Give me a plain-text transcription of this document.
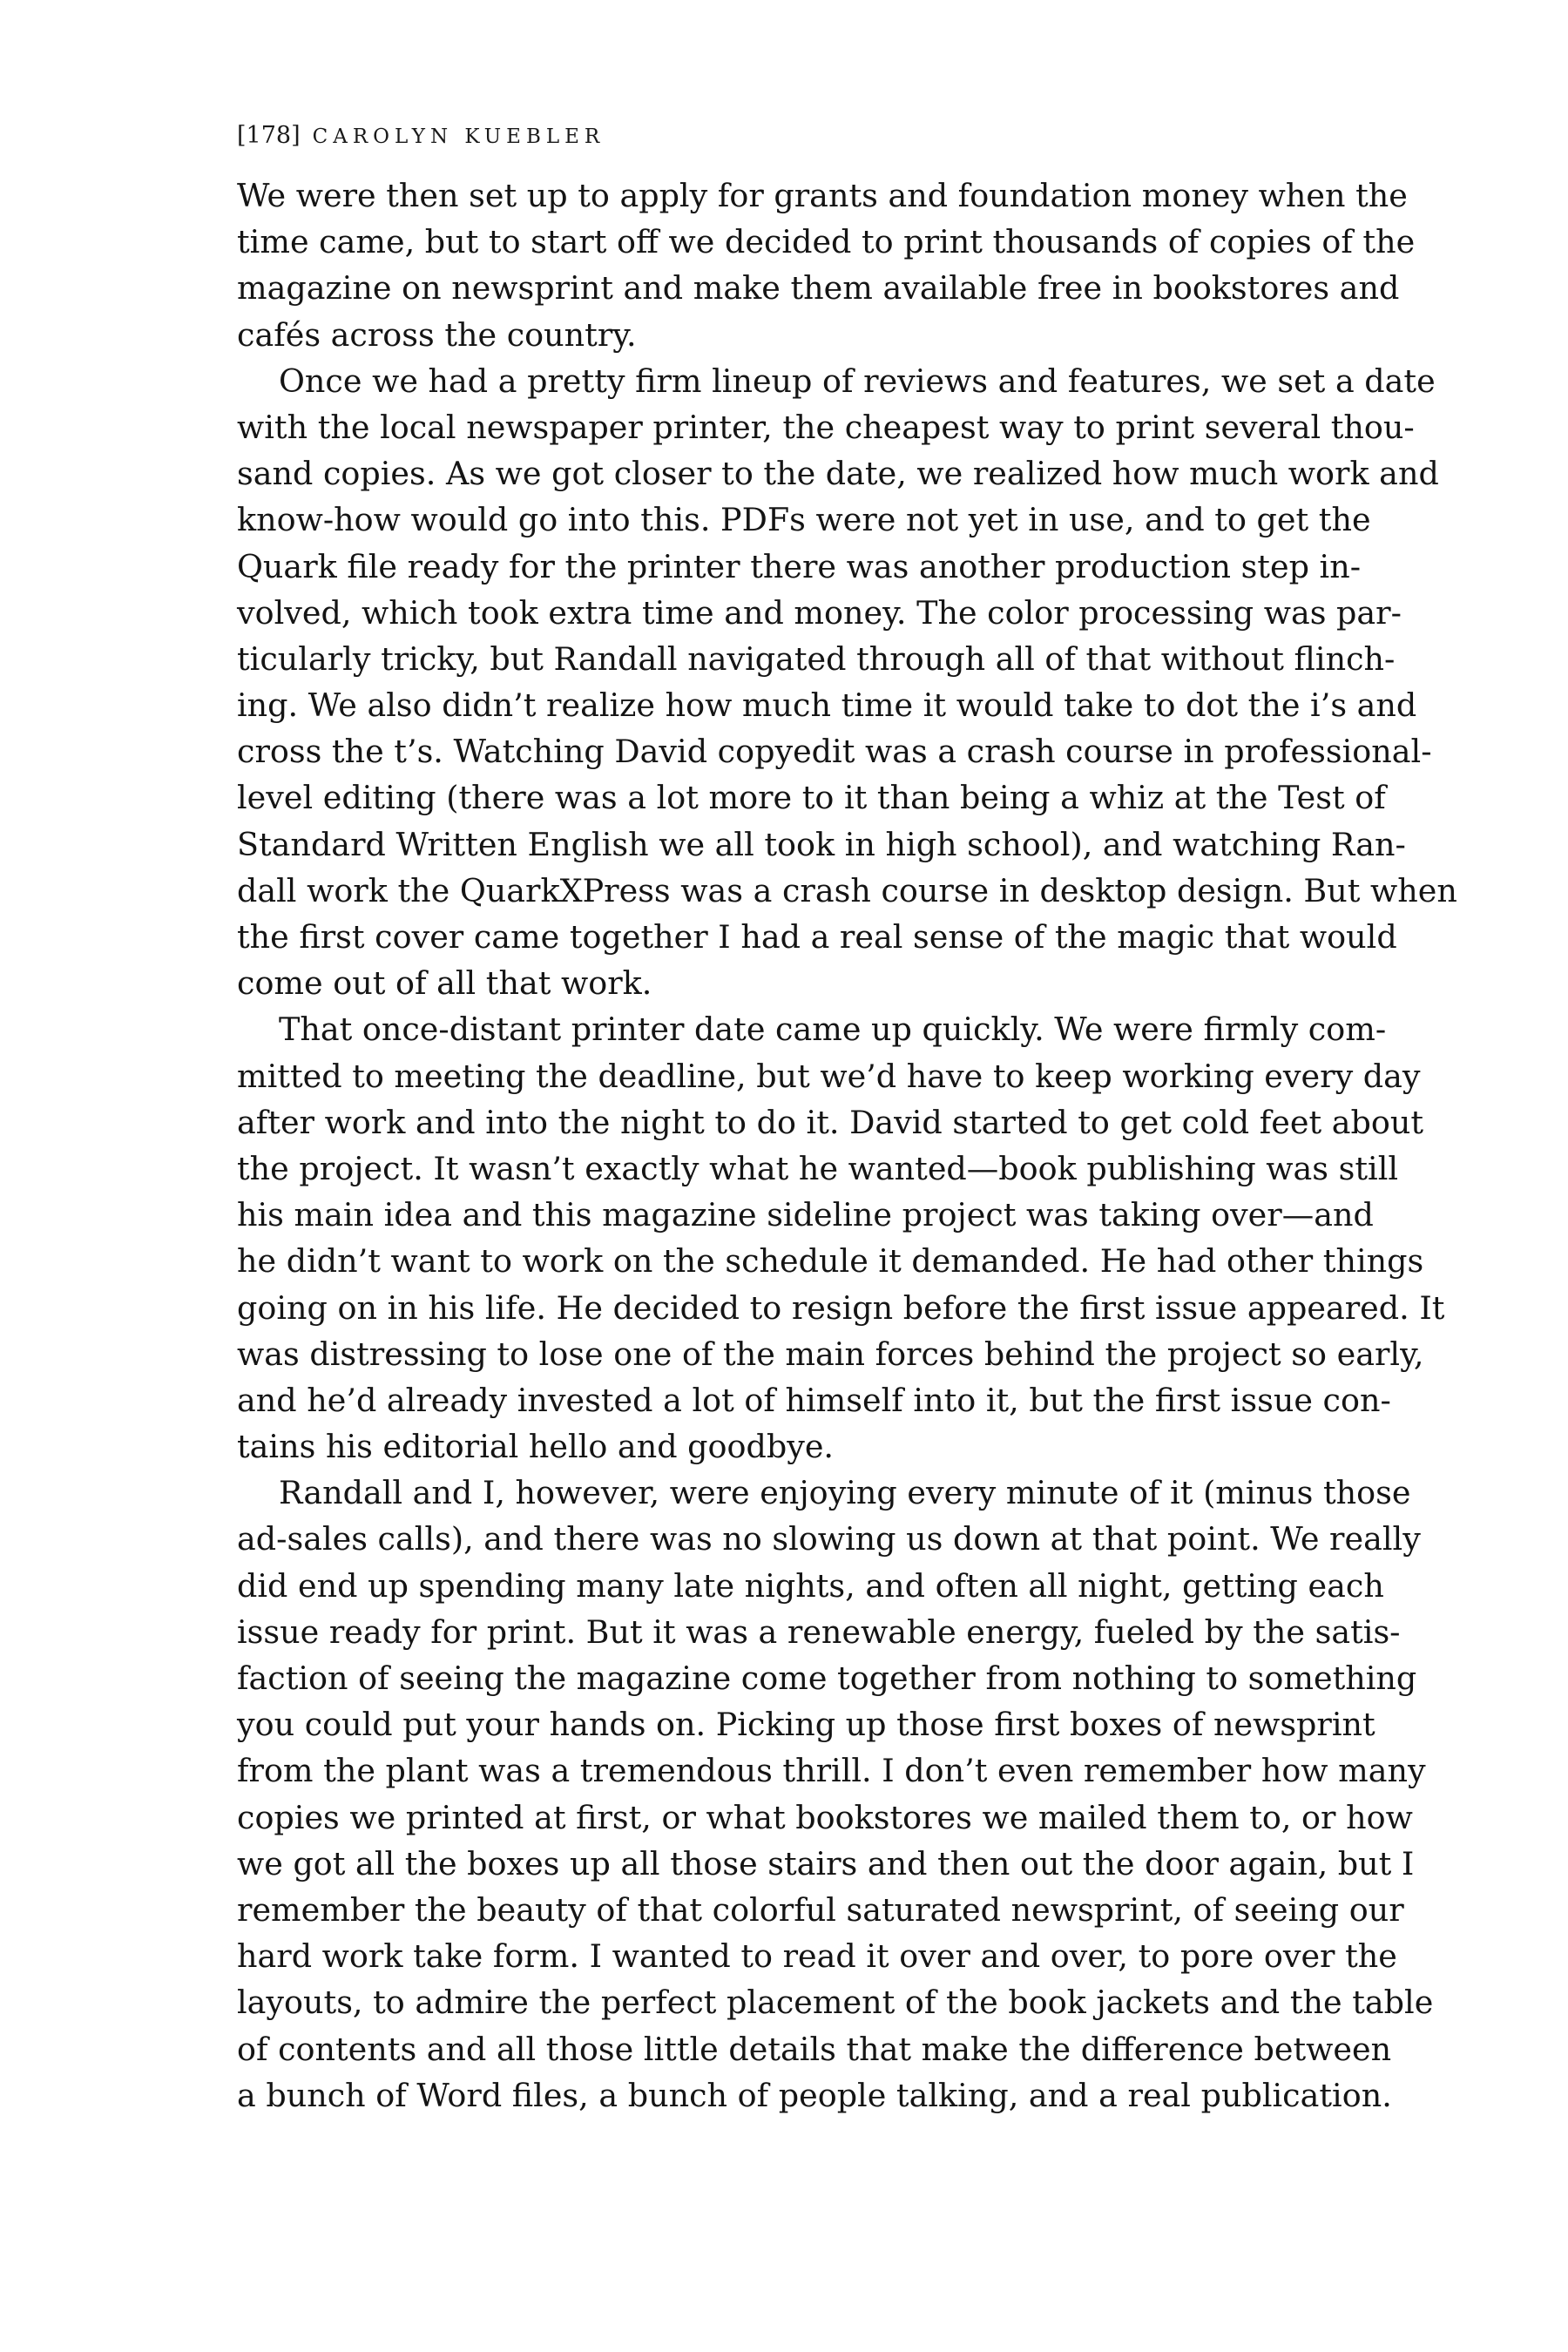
[178] CAROLYN KUEBLER
We were then set up to apply for grants and foundation money when the
time came, but to start off we decided to print thousands of copies of the
magazine on newsprint and make them available free in bookstores and
cafés across the country.
Once we had a pretty firm lineup of reviews and features, we set a date
with the local newspaper printer, the cheapest way to print several thou-
sand copies. As we got closer to the date, we realized how much work and
know-how would go into this. PDFs were not yet in use, and to get the
Quark file ready for the printer there was another production step in-
volved, which took extra time and money. The color processing was par-
ticularly tricky, but Randall navigated through all of that without flinch-
ing. We also didn’t realize how much time it would take to dot the i’s and
cross the t’s. Watching David copyedit was a crash course in professional-
level editing (there was a lot more to it than being a whiz at the Test of
Standard Written English we all took in high school), and watching Ran-
dall work the QuarkXPress was a crash course in desktop design. But when
the first cover came together I had a real sense of the magic that would
come out of all that work.
That once-distant printer date came up quickly. We were firmly com-
mitted to meeting the deadline, but we’d have to keep working every day
after work and into the night to do it. David started to get cold feet about
the project. It wasn’t exactly what he wanted—book publishing was still
his main idea and this magazine sideline project was taking over—and
he didn’t want to work on the schedule it demanded. He had other things
going on in his life. He decided to resign before the first issue appeared. It
was distressing to lose one of the main forces behind the project so early,
and he’d already invested a lot of himself into it, but the first issue con-
tains his editorial hello and goodbye.
Randall and I, however, were enjoying every minute of it (minus those
ad-sales calls), and there was no slowing us down at that point. We really
did end up spending many late nights, and often all night, getting each
issue ready for print. But it was a renewable energy, fueled by the satis-
faction of seeing the magazine come together from nothing to something
you could put your hands on. Picking up those first boxes of newsprint
from the plant was a tremendous thrill. I don’t even remember how many
copies we printed at first, or what bookstores we mailed them to, or how
we got all the boxes up all those stairs and then out the door again, but I
remember the beauty of that colorful saturated newsprint, of seeing our
hard work take form. I wanted to read it over and over, to pore over the
layouts, to admire the perfect placement of the book jackets and the table
of contents and all those little details that make the difference between
a bunch of Word files, a bunch of people talking, and a real publication.
